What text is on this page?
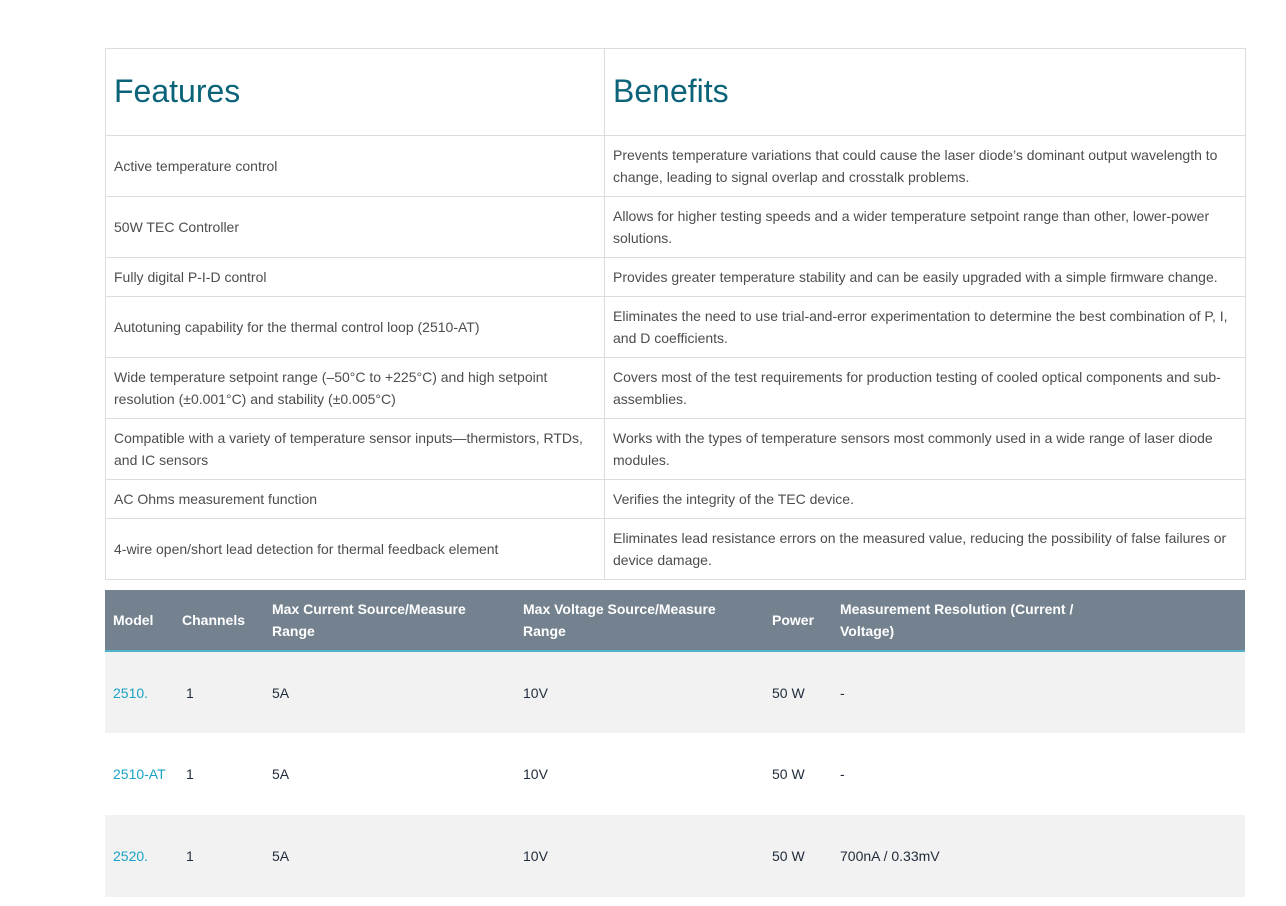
Features	Benefits
Active temperature control	Prevents temperature variations that could cause the laser diode’s dominant output wavelength to change, leading to signal overlap and crosstalk problems.
50W TEC Controller	Allows for higher testing speeds and a wider temperature setpoint range than other, lower-power solutions.
Fully digital P-I-D control	Provides greater temperature stability and can be easily upgraded with a simple firmware change.
Autotuning capability for the thermal control loop (2510-AT)	Eliminates the need to use trial-and-error experimentation to determine the best combination of P, I, and D coefficients.
Wide temperature setpoint range (–50°C to +225°C) and high setpoint resolution (±0.001°C) and stability (±0.005°C)	Covers most of the test requirements for production testing of cooled optical components and sub-assemblies.
Compatible with a variety of temperature sensor inputs—thermistors, RTDs, and IC sensors	Works with the types of temperature sensors most commonly used in a wide range of laser diode modules.
AC Ohms measurement function	Verifies the integrity of the TEC device.
4-wire open/short lead detection for thermal feedback element	Eliminates lead resistance errors on the measured value, reducing the possibility of false failures or device damage.
Model	Channels	Max Current Source/Measure Range	Max Voltage Source/Measure Range	Power	Measurement Resolution (Current / Voltage)
2510.	1	5A	10V	50 W	-
2510-AT	1	5A	10V	50 W	-
2520.	1	5A	10V	50 W	700nA / 0.33mV
